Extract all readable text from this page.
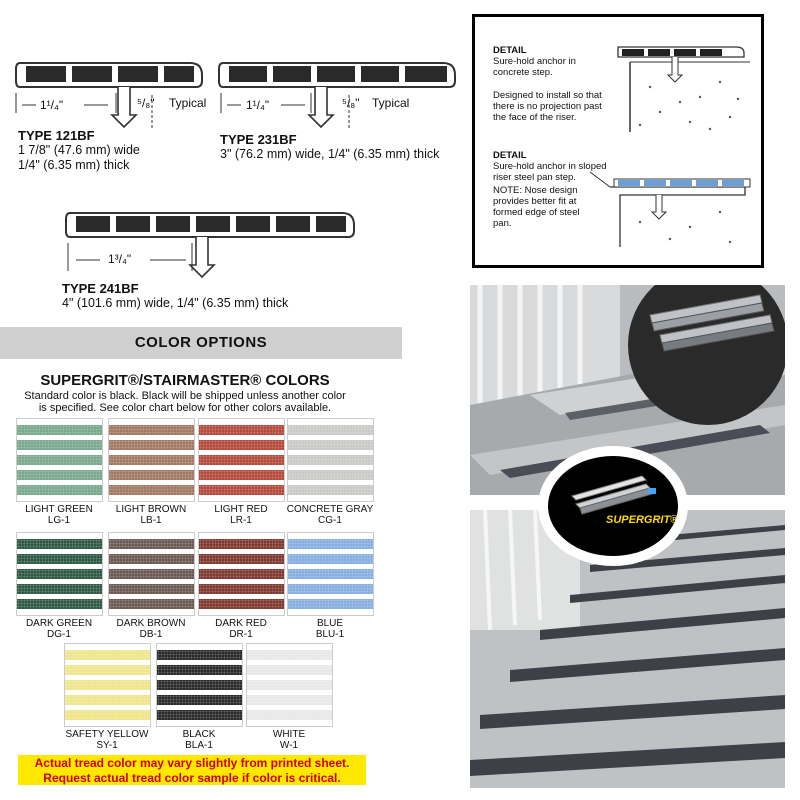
1¹/₄"	⁵/₈" Typical
TYPE 121BF
1 7/8" (47.6 mm) wide
1/4" (6.35 mm) thick
1¹/₄"	⁵/₈" Typical
TYPE 231BF
3" (76.2 mm) wide, 1/4" (6.35 mm) thick
1³/₄"
TYPE 241BF
4" (101.6 mm) wide, 1/4" (6.35 mm) thick
DETAIL
Sure-hold anchor in concrete step.
Designed to install so that there is no projection past the face of the riser.
DETAIL
Sure-hold anchor in sloped riser steel pan step.
NOTE: Nose design provides better fit at formed edge of steel pan.
COLOR OPTIONS
SUPERGRIT®/STAIRMASTER® COLORS
Standard color is black. Black will be shipped unless another color
is specified. See color chart below for other colors available.
LIGHT GREEN
LG-1
LIGHT BROWN
LB-1
LIGHT RED
LR-1
CONCRETE GRAY
CG-1
DARK GREEN
DG-1
DARK BROWN
DB-1
DARK RED
DR-1
BLUE
BLU-1
SAFETY YELLOW
SY-1
BLACK
BLA-1
WHITE
W-1
Actual tread color may vary slightly from printed sheet.
Request actual tread color sample if color is critical.
SUPERGRIT®
